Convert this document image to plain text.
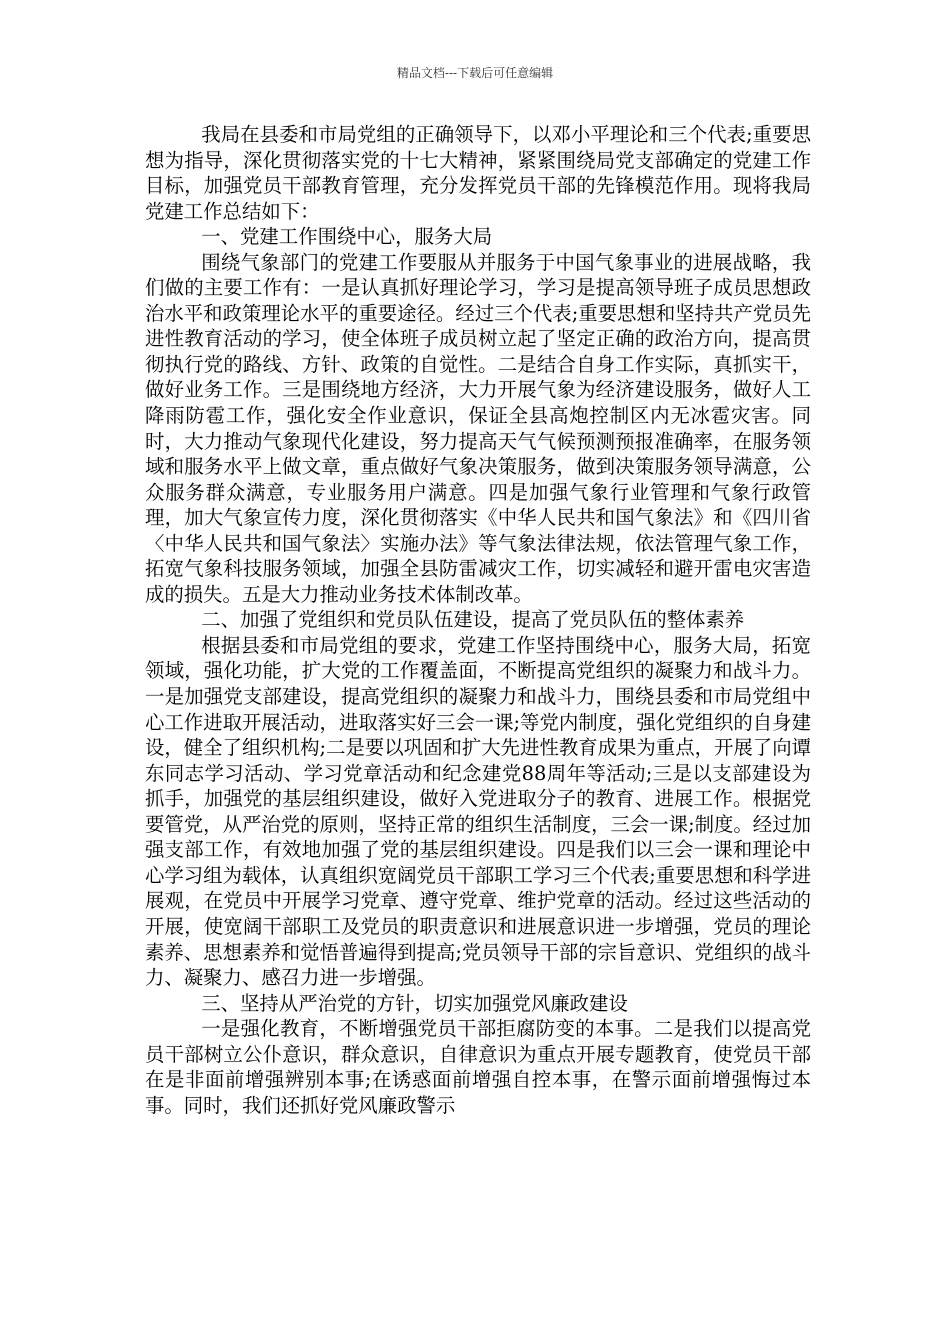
精品文档---下载后可任意编辑

我局在县委和市局党组的正确领导下，以邓小平理论和三个代表;重要思想为指导，深化贯彻落实党的十七大精神，紧紧围绕局党支部确定的党建工作目标，加强党员干部教育管理，充分发挥党员干部的先锋模范作用。现将我局党建工作总结如下：

一、党建工作围绕中心，服务大局

围绕气象部门的党建工作要服从并服务于中国气象事业的进展战略，我们做的主要工作有：一是认真抓好理论学习，学习是提高领导班子成员思想政治水平和政策理论水平的重要途径。经过三个代表;重要思想和坚持共产党员先进性教育活动的学习，使全体班子成员树立起了坚定正确的政治方向，提高贯彻执行党的路线、方针、政策的自觉性。二是结合自身工作实际，真抓实干，做好业务工作。三是围绕地方经济，大力开展气象为经济建设服务，做好人工降雨防雹工作，强化安全作业意识，保证全县高炮控制区内无冰雹灾害。同时，大力推动气象现代化建设，努力提高天气气候预测预报准确率，在服务领域和服务水平上做文章，重点做好气象决策服务，做到决策服务领导满意，公众服务群众满意，专业服务用户满意。四是加强气象行业管理和气象行政管理，加大气象宣传力度，深化贯彻落实《中华人民共和国气象法》和《四川省〈中华人民共和国气象法〉实施办法》等气象法律法规，依法管理气象工作，拓宽气象科技服务领域，加强全县防雷减灾工作，切实减轻和避开雷电灾害造成的损失。五是大力推动业务技术体制改革。

二、加强了党组织和党员队伍建设，提高了党员队伍的整体素养

根据县委和市局党组的要求，党建工作坚持围绕中心，服务大局，拓宽领域，强化功能，扩大党的工作覆盖面，不断提高党组织的凝聚力和战斗力。一是加强党支部建设，提高党组织的凝聚力和战斗力，围绕县委和市局党组中心工作进取开展活动，进取落实好三会一课;等党内制度，强化党组织的自身建设，健全了组织机构;二是要以巩固和扩大先进性教育成果为重点，开展了向谭东同志学习活动、学习党章活动和纪念建党88周年等活动;三是以支部建设为抓手，加强党的基层组织建设，做好入党进取分子的教育、进展工作。根据党要管党，从严治党的原则，坚持正常的组织生活制度，三会一课;制度。经过加强支部工作，有效地加强了党的基层组织建设。四是我们以三会一课和理论中心学习组为载体，认真组织宽阔党员干部职工学习三个代表;重要思想和科学进展观，在党员中开展学习党章、遵守党章、维护党章的活动。经过这些活动的开展，使宽阔干部职工及党员的职责意识和进展意识进一步增强，党员的理论素养、思想素养和觉悟普遍得到提高;党员领导干部的宗旨意识、党组织的战斗力、凝聚力、感召力进一步增强。

三、坚持从严治党的方针，切实加强党风廉政建设

一是强化教育，不断增强党员干部拒腐防变的本事。二是我们以提高党员干部树立公仆意识，群众意识，自律意识为重点开展专题教育，使党员干部在是非面前增强辨别本事;在诱惑面前增强自控本事，在警示面前增强悔过本事。同时，我们还抓好党风廉政警示
